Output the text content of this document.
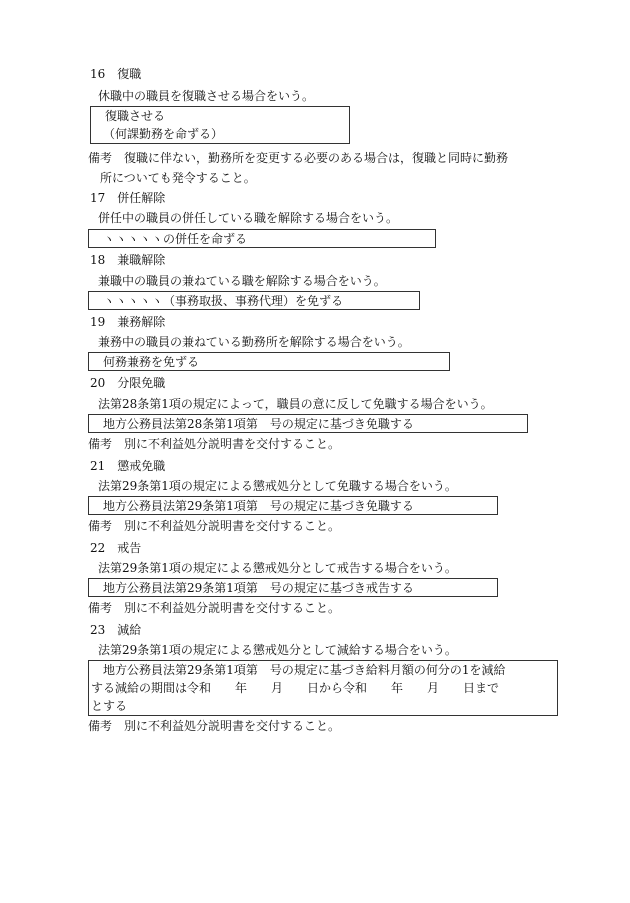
16　復職
休職中の職員を復職させる場合をいう。
復職させる
（何課勤務を命ずる）
備考　復職に伴ない，勤務所を変更する必要のある場合は，復職と同時に勤務
所についても発令すること。
17　併任解除
併任中の職員の併任している職を解除する場合をいう。
ヽヽヽヽヽの併任を命ずる
18　兼職解除
兼職中の職員の兼ねている職を解除する場合をいう。
ヽヽヽヽヽ（事務取扱、事務代理）を免ずる
19　兼務解除
兼務中の職員の兼ねている勤務所を解除する場合をいう。
何務兼務を免ずる
20　分限免職
法第28条第1項の規定によって，職員の意に反して免職する場合をいう。
地方公務員法第28条第1項第　号の規定に基づき免職する
備考　別に不利益処分説明書を交付すること。
21　懲戒免職
法第29条第1項の規定による懲戒処分として免職する場合をいう。
地方公務員法第29条第1項第　号の規定に基づき免職する
備考　別に不利益処分説明書を交付すること。
22　戒告
法第29条第1項の規定による懲戒処分として戒告する場合をいう。
地方公務員法第29条第1項第　号の規定に基づき戒告する
備考　別に不利益処分説明書を交付すること。
23　減給
法第29条第1項の規定による懲戒処分として減給する場合をいう。
地方公務員法第29条第1項第　号の規定に基づき給料月額の何分の1を減給
する減給の期間は令和　　年　　月　　日から令和　　年　　月　　日まで
とする
備考　別に不利益処分説明書を交付すること。
